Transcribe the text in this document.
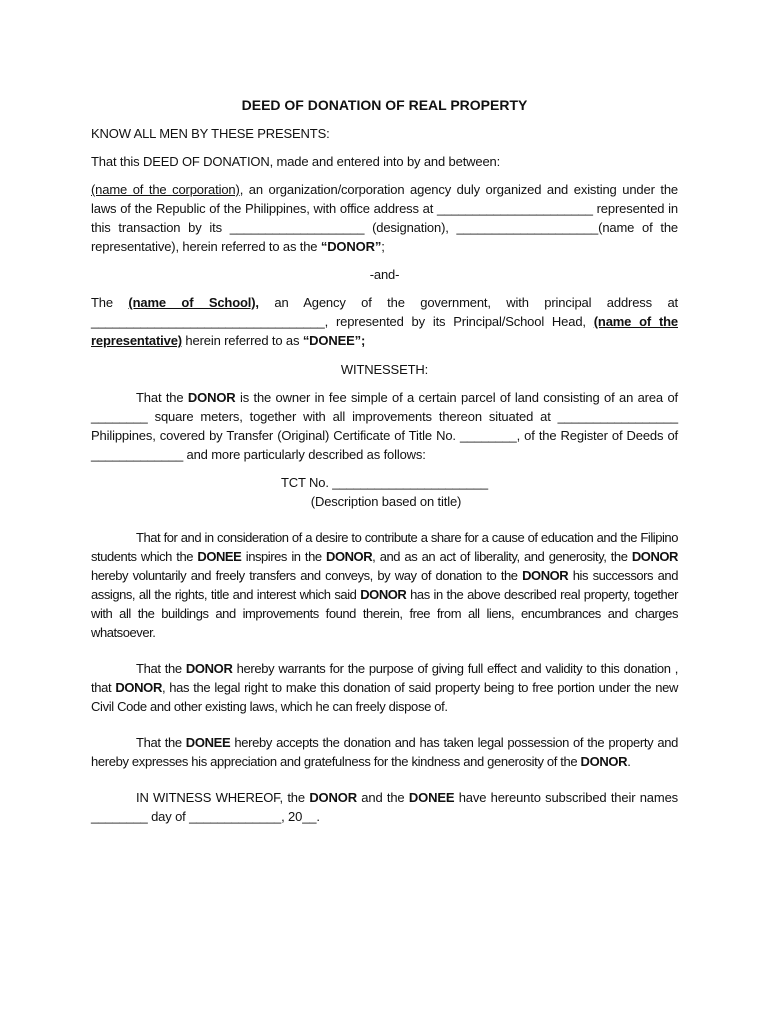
DEED OF DONATION OF REAL PROPERTY

KNOW ALL MEN BY THESE PRESENTS:

That this DEED OF DONATION, made and entered into by and between:

(name of the corporation), an organization/corporation agency duly organized and existing under the laws of the Republic of the Philippines, with office address at ______________________ represented in this transaction by its ___________________ (designation), ____________________(name of the representative), herein referred to as the “DONOR”;

-and-

The (name of School), an Agency of the government, with principal address at _________________________________, represented by its Principal/School Head, (name of the representative) herein referred to as “DONEE”;

WITNESSETH:

That the DONOR is the owner in fee simple of a certain parcel of land consisting of an area of ________ square meters, together with all improvements thereon situated at _________________ Philippines, covered by Transfer (Original) Certificate of Title No. ________, of the Register of Deeds of _____________ and more particularly described as follows:

TCT No. ______________________

(Description based on title)

That for and in consideration of a desire to contribute a share for a cause of education and the Filipino students which the DONEE inspires in the DONOR, and as an act of liberality, and generosity, the DONOR hereby voluntarily and freely transfers and conveys, by way of donation to the DONOR his successors and assigns, all the rights, title and interest which said DONOR has in the above described real property, together with all the buildings and improvements found therein, free from all liens, encumbrances and charges whatsoever.

That the DONOR hereby warrants for the purpose of giving full effect and validity to this donation , that DONOR, has the legal right to make this donation of said property being to free portion under the new Civil Code and other existing laws, which he can freely dispose of.

That the DONEE hereby accepts the donation and has taken legal possession of the property and hereby expresses his appreciation and gratefulness for the kindness and generosity of the DONOR.

IN WITNESS WHEREOF, the DONOR and the DONEE have hereunto subscribed their names ________ day of _____________, 20__.
